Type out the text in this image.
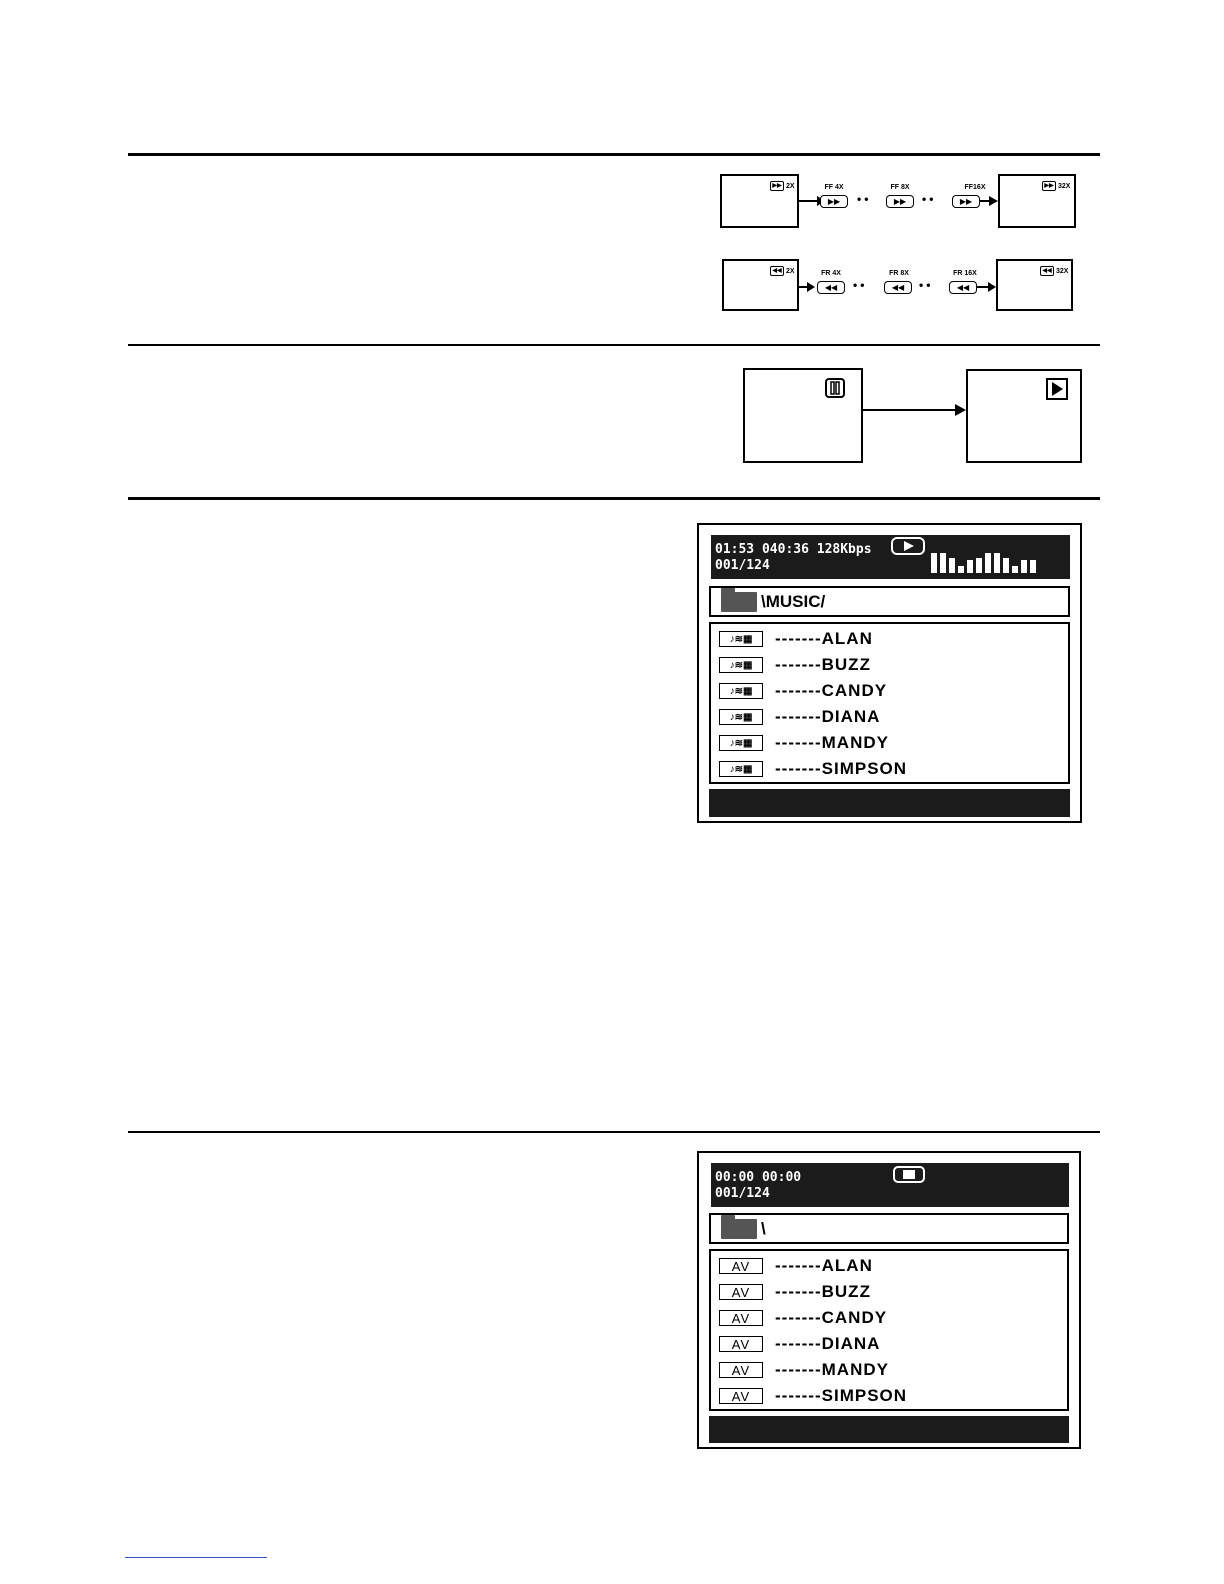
▶▶ 2X	FF 4X
▶▶	••
FF 8X
▶▶	••
FF16X
▶▶
▶▶ 32X
◀◀ 2X	FR 4X
◀◀	••
FR 8X
◀◀	••
FR 16X
◀◀
◀◀ 32X
01:53 040:36 128Kbps
001/124
\MUSIC/
♪≋▦	-------ALAN
♪≋▦	-------BUZZ
♪≋▦	-------CANDY
♪≋▦	-------DIANA
♪≋▦	-------MANDY
♪≋▦	-------SIMPSON
00:00 00:00
001/124
\
AV	-------ALAN
AV	-------BUZZ
AV	-------CANDY
AV	-------DIANA
AV	-------MANDY
AV	-------SIMPSON
